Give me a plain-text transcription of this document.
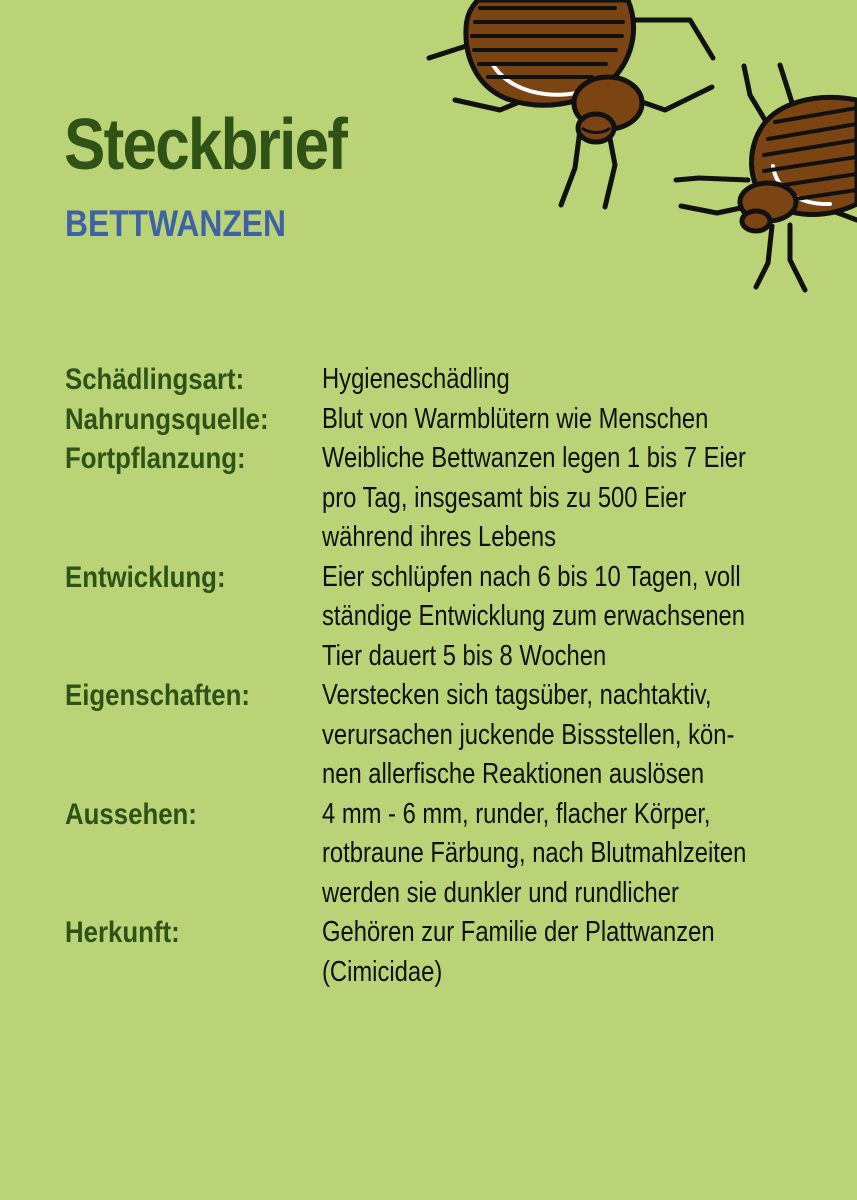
Steckbrief
BETTWANZEN
Schädlingsart:	Hygieneschädling
Nahrungsquelle:	Blut von Warmblütern wie Menschen
Fortpflanzung:	Weibliche Bettwanzen legen 1 bis 7 Eier
pro Tag, insgesamt bis zu 500 Eier
während ihres Lebens
Entwicklung:	Eier schlüpfen nach 6 bis 10 Tagen, voll
ständige Entwicklung zum erwachsenen
Tier dauert 5 bis 8 Wochen
Eigenschaften:	Verstecken sich tagsüber, nachtaktiv,
verursachen juckende Bissstellen, kön-
nen allerfische Reaktionen auslösen
Aussehen:	4 mm - 6 mm, runder, flacher Körper,
rotbraune Färbung, nach Blutmahlzeiten
werden sie dunkler und rundlicher
Herkunft:	Gehören zur Familie der Plattwanzen
(Cimicidae)
